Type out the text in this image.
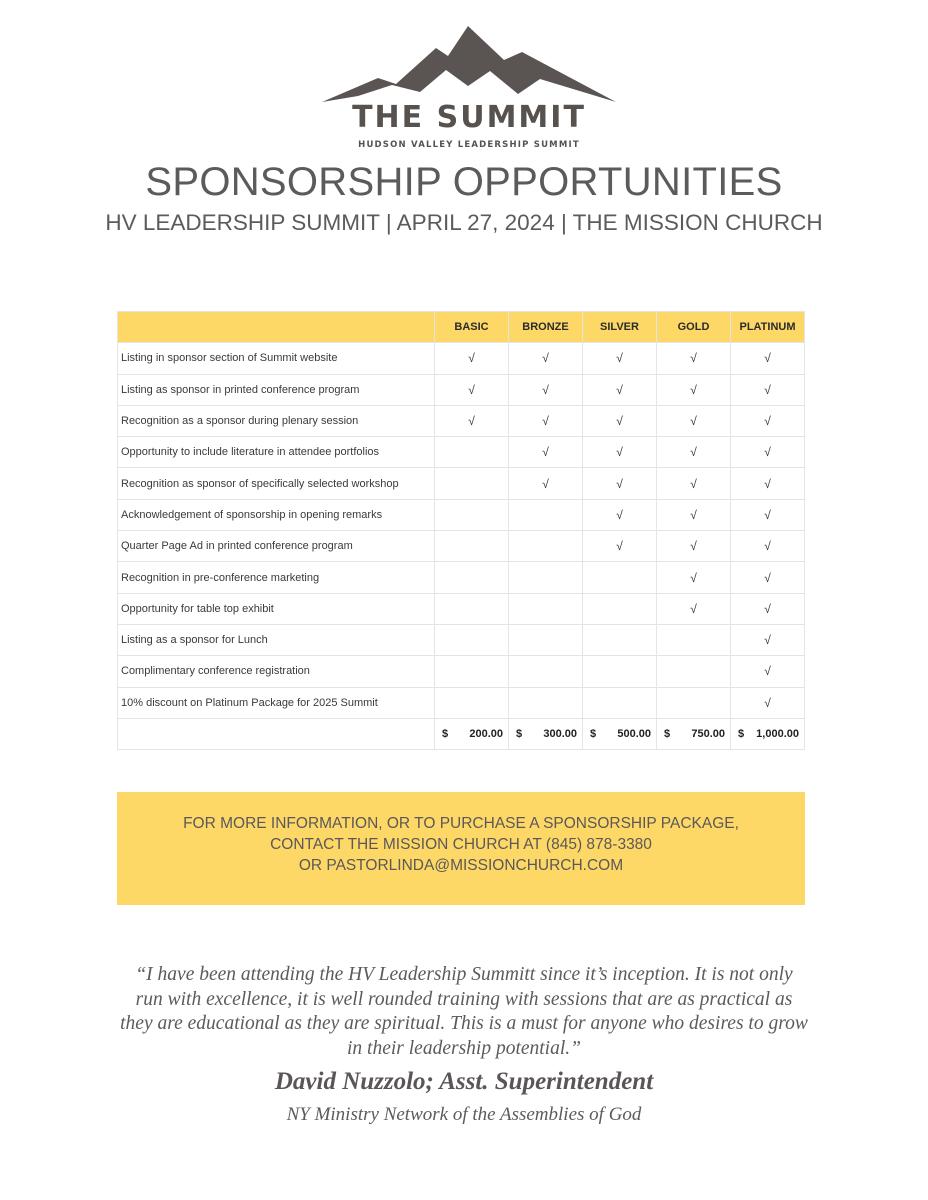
THE SUMMIT
HUDSON VALLEY LEADERSHIP SUMMIT
SPONSORSHIP OPPORTUNITIES
HV LEADERSHIP SUMMIT | APRIL 27, 2024 | THE MISSION CHURCH
	BASIC	BRONZE	SILVER	GOLD	PLATINUM
Listing in sponsor section of Summit website	√	√	√	√	√
Listing as sponsor in printed conference program	√	√	√	√	√
Recognition as a sponsor during plenary session	√	√	√	√	√
Opportunity to include literature in attendee portfolios		√	√	√	√
Recognition as sponsor of specifically selected workshop		√	√	√	√
Acknowledgement of sponsorship in opening remarks			√	√	√
Quarter Page Ad in printed conference program			√	√	√
Recognition in pre-conference marketing				√	√
Opportunity for table top exhibit				√	√
Listing as a sponsor for Lunch					√
Complimentary conference registration					√
10% discount on Platinum Package for 2025 Summit					√

	$ 200.00	$ 300.00	$ 500.00	$ 750.00	$ 1,000.00
FOR MORE INFORMATION, OR TO PURCHASE A SPONSORSHIP PACKAGE,
CONTACT THE MISSION CHURCH AT (845) 878-3380
OR PASTORLINDA@MISSIONCHURCH.COM
“I have been attending the HV Leadership Summitt since it’s inception. It is not only run with excellence, it is well rounded training with sessions that are as practical as they are educational as they are spiritual. This is a must for anyone who desires to grow in their leadership potential.”
David Nuzzolo; Asst. Superintendent
NY Ministry Network of the Assemblies of God
